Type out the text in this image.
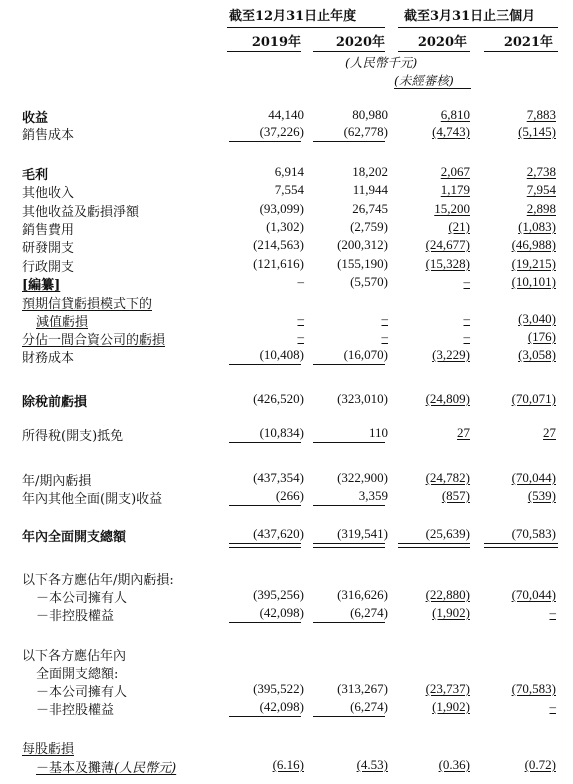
截至12月31日止年度	截至3月31日止三個月
2019年	2020年	2020年	2021年
(人民幣千元)
(未經審核)
收益	44,140	80,980	6,810	7,883
銷售成本	(37,226)	(62,778)	(4,743)	(5,145)
毛利	6,914	18,202	2,067	2,738
其他收入	7,554	11,944	1,179	7,954
其他收益及虧損淨額	(93,099)	26,745	15,200	2,898
銷售費用	(1,302)	(2,759)	(21)	(1,083)
研發開支	(214,563)	(200,312)	(24,677)	(46,988)
行政開支	(121,616)	(155,190)	(15,328)	(19,215)
[編纂]	–	(5,570)	–	(10,101)
預期信貸虧損模式下的
減值虧損	–	–	–	(3,040)
分佔一間合資公司的虧損	–	–	–	(176)
財務成本	(10,408)	(16,070)	(3,229)	(3,058)
除稅前虧損	(426,520)	(323,010)	(24,809)	(70,071)
所得稅(開支)抵免	(10,834)	110	27	27
年/期內虧損	(437,354)	(322,900)	(24,782)	(70,044)
年內其他全面(開支)收益	(266)	3,359	(857)	(539)
年內全面開支總額	(437,620)	(319,541)	(25,639)	(70,583)
以下各方應佔年/期內虧損:
－本公司擁有人	(395,256)	(316,626)	(22,880)	(70,044)
－非控股權益	(42,098)	(6,274)	(1,902)	–
以下各方應佔年內
全面開支總額:
－本公司擁有人	(395,522)	(313,267)	(23,737)	(70,583)
－非控股權益	(42,098)	(6,274)	(1,902)	–
每股虧損
－基本及攤薄(人民幣元)	(6.16)	(4.53)	(0.36)	(0.72)
